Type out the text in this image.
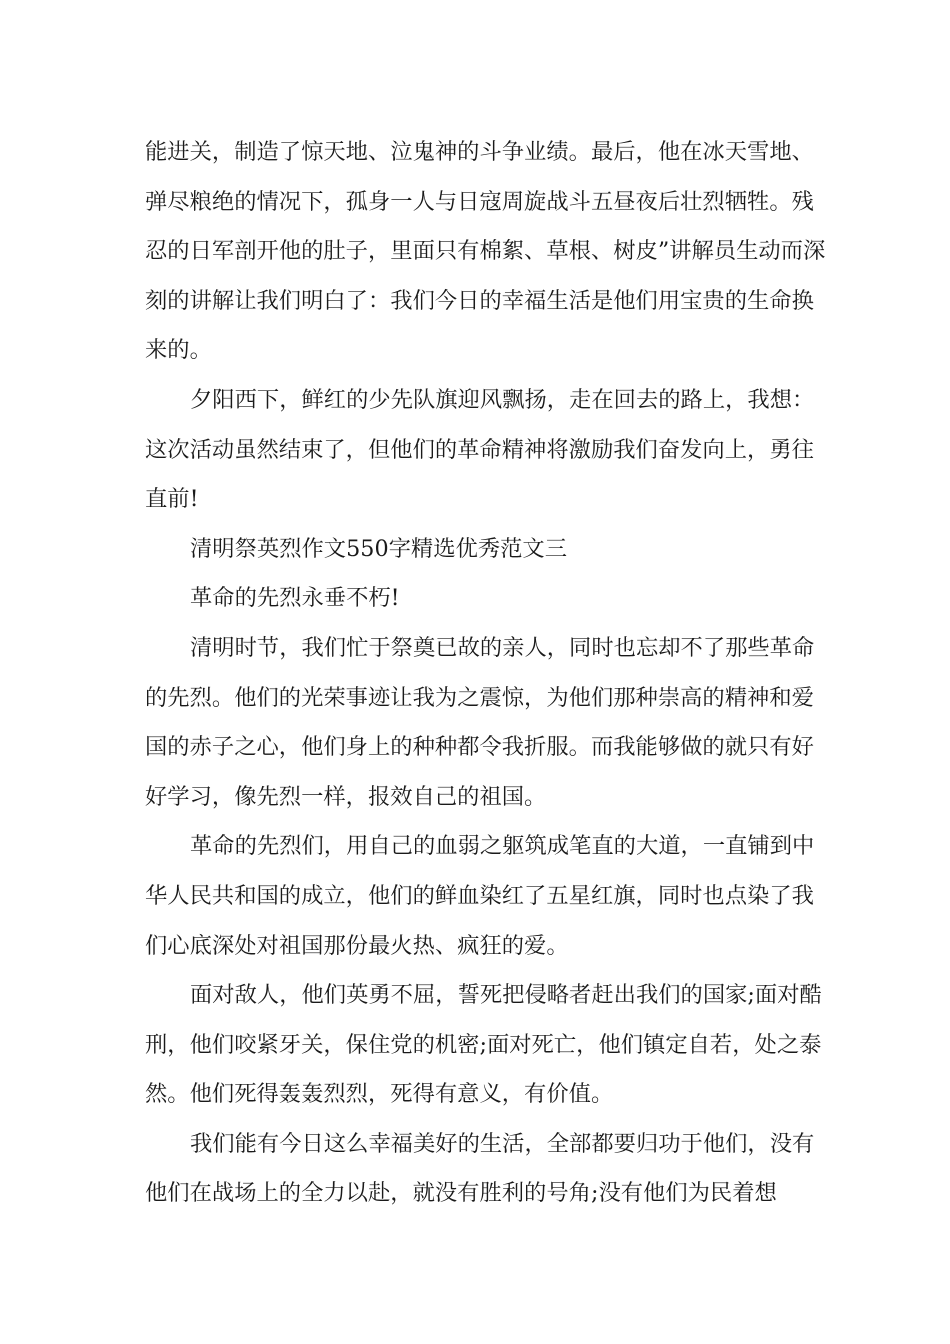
能进关，制造了惊天地、泣鬼神的斗争业绩。最后，他在冰天雪地、弹尽粮绝的情况下，孤身一人与日寇周旋战斗五昼夜后壮烈牺牲。残忍的日军剖开他的肚子，里面只有棉絮、草根、树皮”讲解员生动而深刻的讲解让我们明白了：我们今日的幸福生活是他们用宝贵的生命换来的。

夕阳西下，鲜红的少先队旗迎风飘扬，走在回去的路上，我想：这次活动虽然结束了，但他们的革命精神将激励我们奋发向上，勇往直前!

清明祭英烈作文550字精选优秀范文三

革命的先烈永垂不朽!

清明时节，我们忙于祭奠已故的亲人，同时也忘却不了那些革命的先烈。他们的光荣事迹让我为之震惊，为他们那种崇高的精神和爱国的赤子之心，他们身上的种种都令我折服。而我能够做的就只有好好学习，像先烈一样，报效自己的祖国。

革命的先烈们，用自己的血弱之躯筑成笔直的大道，一直铺到中华人民共和国的成立，他们的鲜血染红了五星红旗，同时也点染了我们心底深处对祖国那份最火热、疯狂的爱。

面对敌人，他们英勇不屈，誓死把侵略者赶出我们的国家;面对酷刑，他们咬紧牙关，保住党的机密;面对死亡，他们镇定自若，处之泰然。他们死得轰轰烈烈，死得有意义，有价值。

我们能有今日这么幸福美好的生活，全部都要归功于他们，没有他们在战场上的全力以赴，就没有胜利的号角;没有他们为民着想
